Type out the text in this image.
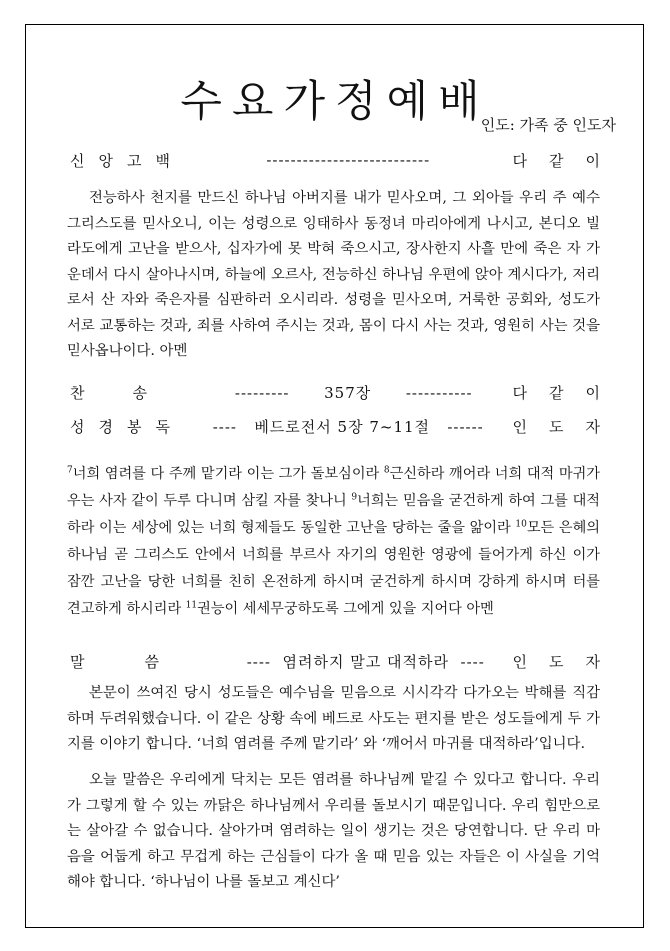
수요가정예배
인도: 가족 중 인도자
신앙고백	---------------------------	다같이
전능하사 천지를 만드신 하나님 아버지를 내가 믿사오며, 그 외아들 우리 주 예수 그리스도를 믿사오니, 이는 성령으로 잉태하사 동정녀 마리아에게 나시고, 본디오 빌라도에게 고난을 받으사, 십자가에 못 박혀 죽으시고, 장사한지 사흘 만에 죽은 자 가운데서 다시 살아나시며, 하늘에 오르사, 전능하신 하나님 우편에 앉아 계시다가, 저리로서 산 자와 죽은자를 심판하러 오시리라. 성령을 믿사오며, 거룩한 공회와, 성도가 서로 교통하는 것과, 죄를 사하여 주시는 것과, 몸이 다시 사는 것과, 영원히 사는 것을 믿사옵나이다. 아멘
찬송	--------- 357장 -----------	다같이
성경봉독	---- 베드로전서 5장 7~11절 ------	인도자
$^7$너희 염려를 다 주께 맡기라 이는 그가 돌보심이라 $^8$근신하라 깨어라 너희 대적 마귀가 우는 사자 같이 두루 다니며 삼킬 자를 찾나니 $^9$너희는 믿음을 굳건하게 하여 그를 대적하라 이는 세상에 있는 너희 형제들도 동일한 고난을 당하는 줄을 앎이라 $^{10}$모든 은혜의 하나님 곧 그리스도 안에서 너희를 부르사 자기의 영원한 영광에 들어가게 하신 이가 잠깐 고난을 당한 너희를 친히 온전하게 하시며 굳건하게 하시며 강하게 하시며 터를 견고하게 하시리라 $^{11}$권능이 세세무궁하도록 그에게 있을 지어다 아멘
말씀	---- 염려하지 말고 대적하라 ----	인도자
본문이 쓰여진 당시 성도들은 예수님을 믿음으로 시시각각 다가오는 박해를 직감하며 두려워했습니다. 이 같은 상황 속에 베드로 사도는 편지를 받은 성도들에게 두 가지를 이야기 합니다. ‘너희 염려를 주께 맡기라’ 와 ‘깨어서 마귀를 대적하라’입니다.
오늘 말씀은 우리에게 닥치는 모든 염려를 하나님께 맡길 수 있다고 합니다. 우리가 그렇게 할 수 있는 까닭은 하나님께서 우리를 돌보시기 때문입니다. 우리 힘만으로는 살아갈 수 없습니다. 살아가며 염려하는 일이 생기는 것은 당연합니다. 단 우리 마음을 어둡게 하고 무겁게 하는 근심들이 다가 올 때 믿음 있는 자들은 이 사실을 기억해야 합니다. ‘하나님이 나를 돌보고 계신다’
